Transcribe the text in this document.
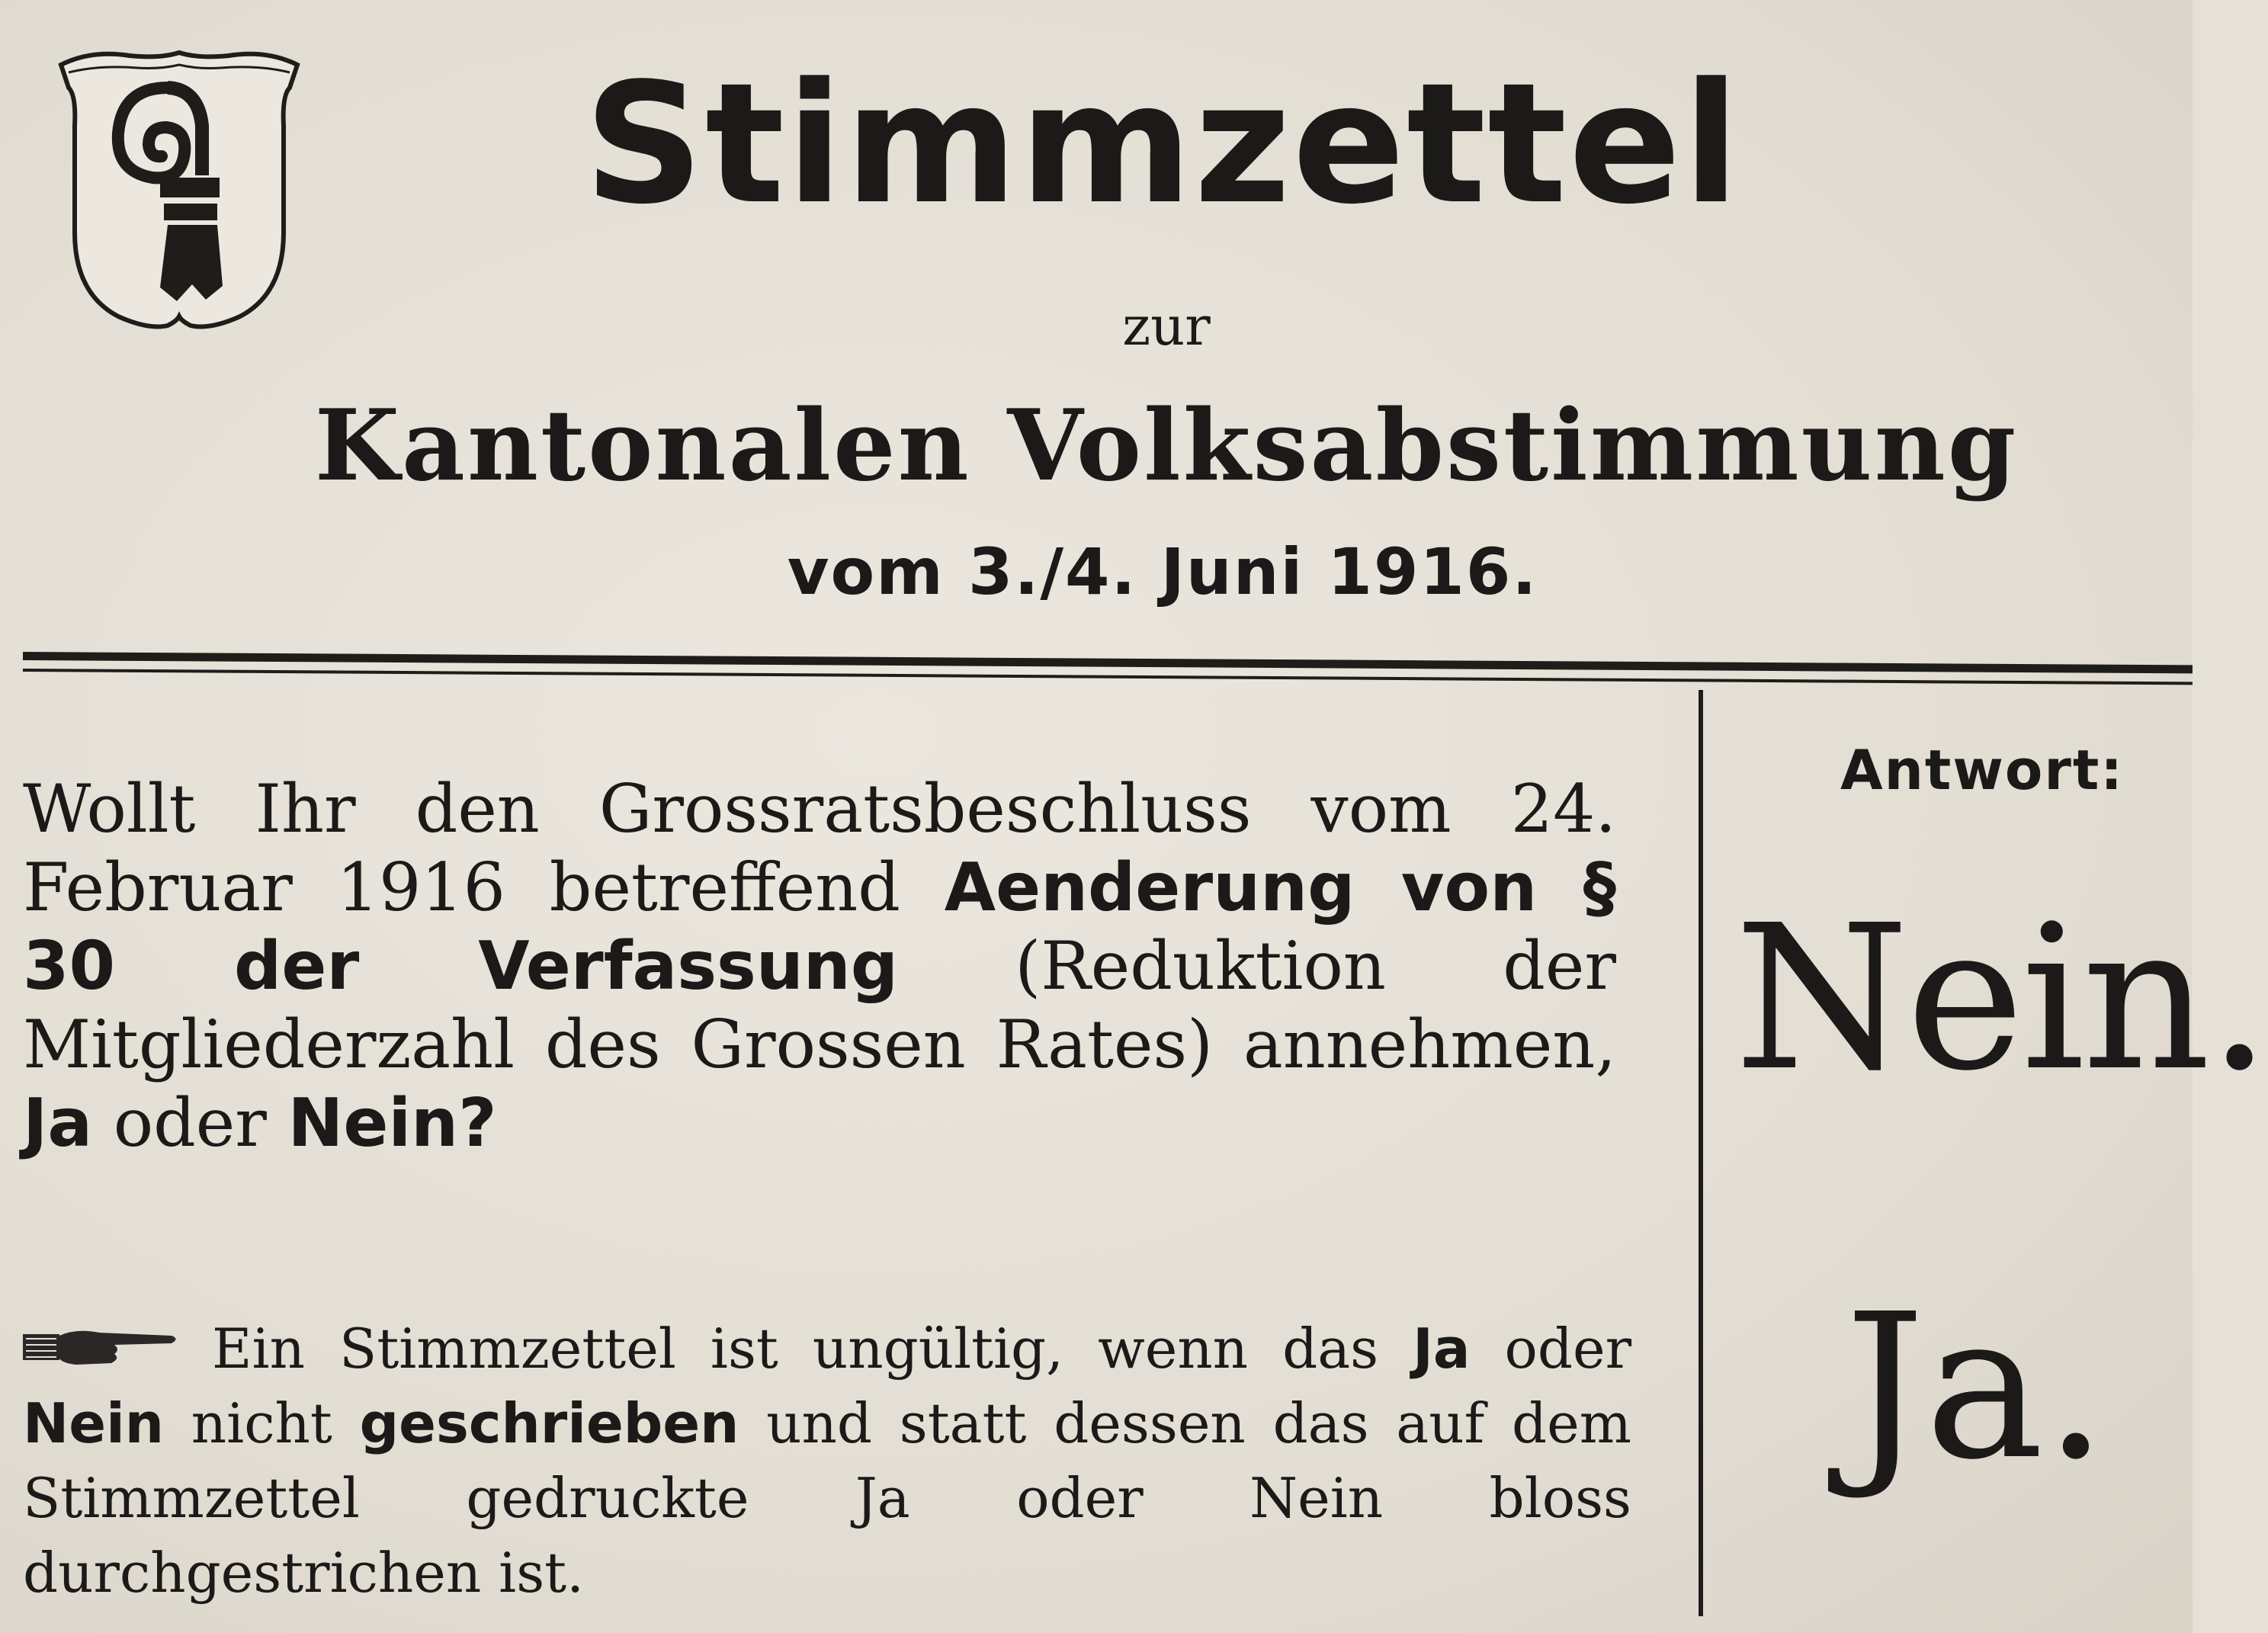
Stimmzettel
zur
Kantonalen Volksabstimmung
vom 3./4. Juni 1916.
Wollt Ihr den Grossratsbeschluss vom 24. Februar 1916 betreffend Aenderung von § 30 der Verfassung (Reduktion der Mitgliederzahl des Grossen Rates) annehmen, Ja oder Nein?
Ein Stimmzettel ist ungültig, wenn das Ja oder Nein nicht geschrieben und statt dessen das auf dem Stimmzettel gedruckte Ja oder Nein bloss durchgestrichen ist.
Antwort:
Nein.
Ja.
